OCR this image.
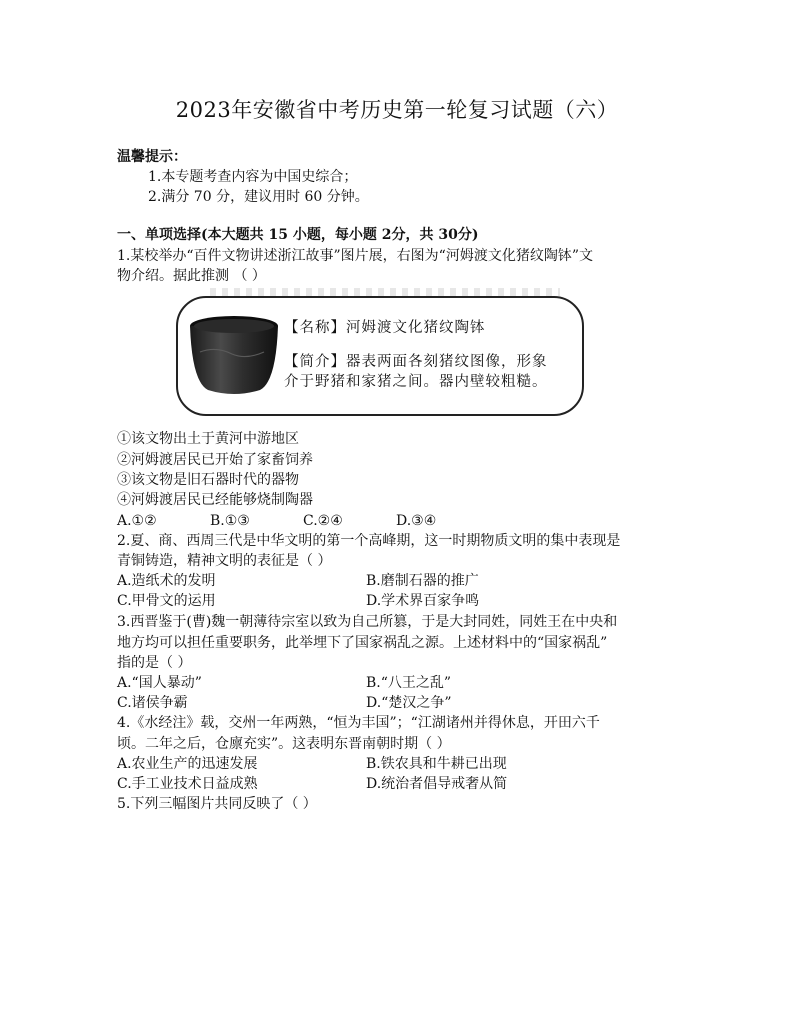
2023年安徽省中考历史第一轮复习试题（六）
温馨提示：
1.本专题考查内容为中国史综合；
2.满分 70 分，建议用时 60 分钟。
一、单项选择(本大题共 15 小题，每小题 2分，共 30分)
1.某校举办“百件文物讲述浙江故事”图片展，右图为“河姆渡文化猪纹陶钵”文
物介绍。据此推测 （ ）
【名称】河姆渡文化猪纹陶钵
【简介】器表两面各刻猪纹图像，形象
介于野猪和家猪之间。器内壁较粗糙。
①该文物出土于黄河中游地区
②河姆渡居民已开始了家畜饲养
③该文物是旧石器时代的器物
④河姆渡居民已经能够烧制陶器
A.①②	B.①③	C.②④	D.③④
2.夏、商、西周三代是中华文明的第一个高峰期，这一时期物质文明的集中表现是
青铜铸造，精神文明的表征是（ ）
A.造纸术的发明	B.磨制石器的推广
C.甲骨文的运用	D.学术界百家争鸣
3.西晋鉴于(曹)魏一朝薄待宗室以致为自己所篡，于是大封同姓，同姓王在中央和
地方均可以担任重要职务，此举埋下了国家祸乱之源。上述材料中的“国家祸乱”
指的是（ ）
A.“国人暴动”	B.“八王之乱”
C.诸侯争霸	D.“楚汉之争”
4.《水经注》载，交州一年两熟，“恒为丰国”；“江湖诸州并得休息，开田六千
顷。二年之后，仓廪充实”。这表明东晋南朝时期（ ）
A.农业生产的迅速发展	B.铁农具和牛耕已出现
C.手工业技术日益成熟	D.统治者倡导戒奢从简
5.下列三幅图片共同反映了（ ）
